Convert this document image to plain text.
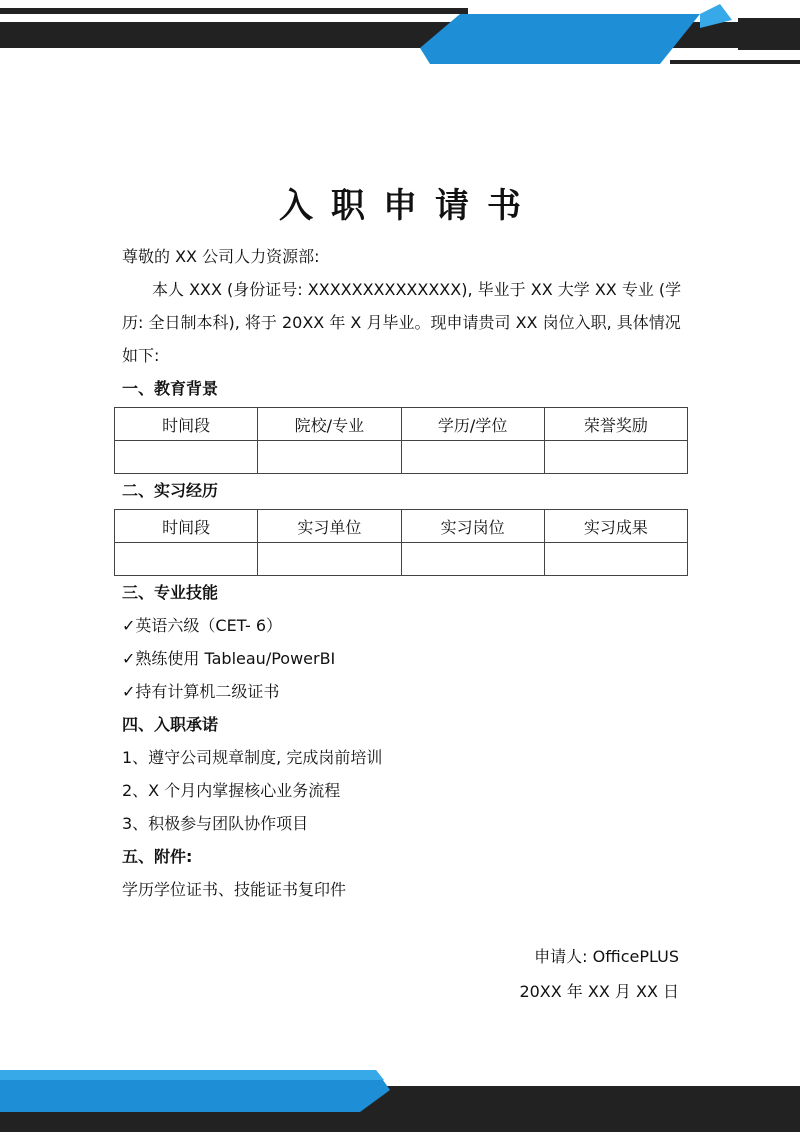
入职申请书
尊敬的 XX 公司人力资源部:
本人 XXX (身份证号: XXXXXXXXXXXXXX), 毕业于 XX 大学 XX 专业 (学历: 全日制本科), 将于 20XX 年 X 月毕业。现申请贵司 XX 岗位入职, 具体情况如下:
一、教育背景
时间段	院校/专业	学历/学位	荣誉奖励

二、实习经历
时间段	实习单位	实习岗位	实习成果

三、专业技能
✓英语六级（CET- 6）
✓熟练使用 Tableau/PowerBI
✓持有计算机二级证书
四、入职承诺
1、遵守公司规章制度, 完成岗前培训
2、X 个月内掌握核心业务流程
3、积极参与团队协作项目
五、附件:
学历学位证书、技能证书复印件
申请人: OfficePLUS
20XX 年 XX 月 XX 日
